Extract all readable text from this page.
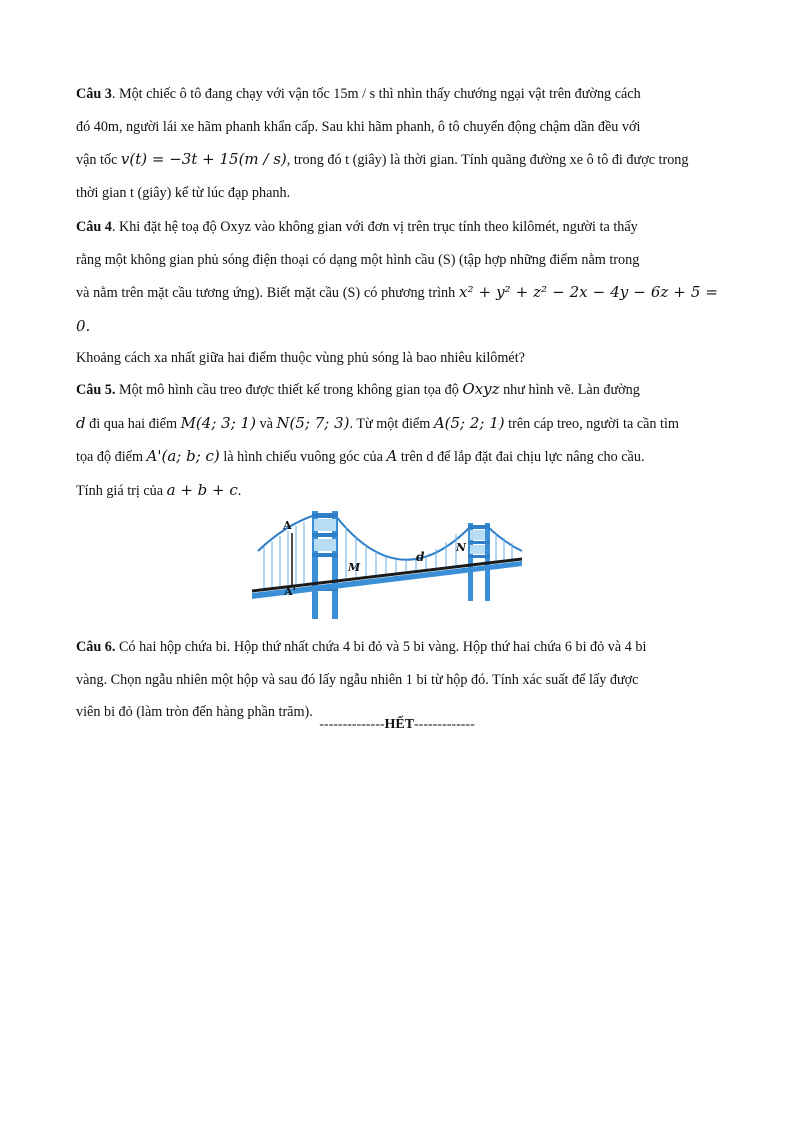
Câu 3. Một chiếc ô tô đang chạy với vận tốc 15m / s thì nhìn thấy chướng ngại vật trên đường cách

đó 40m, người lái xe hãm phanh khẩn cấp. Sau khi hãm phanh, ô tô chuyển động chậm dần đều với

vận tốc v(t) = −3t + 15(m / s), trong đó t (giây) là thời gian. Tính quãng đường xe ô tô đi được trong

thời gian t (giây) kể từ lúc đạp phanh.

Câu 4. Khi đặt hệ toạ độ Oxyz vào không gian với đơn vị trên trục tính theo kilômét, người ta thấy

rằng một không gian phủ sóng điện thoại có dạng một hình cầu (S) (tập hợp những điểm nằm trong

và nằm trên mặt cầu tương ứng). Biết mặt cầu (S) có phương trình x² + y² + z² − 2x − 4y − 6z + 5 = 0.

Khoảng cách xa nhất giữa hai điểm thuộc vùng phủ sóng là bao nhiêu kilômét?

Câu 5. Một mô hình cầu treo được thiết kế trong không gian tọa độ Oxyz như hình vẽ. Làn đường

d đi qua hai điểm M(4; 3; 1) và N(5; 7; 3). Từ một điểm A(5; 2; 1) trên cáp treo, người ta cần tìm

tọa độ điểm A'(a; b; c) là hình chiếu vuông góc của A trên d để lắp đặt đai chịu lực nâng cho cầu.

Tính giá trị của a + b + c.

A
A'
M
d
N

Câu 6. Có hai hộp chứa bi. Hộp thứ nhất chứa 4 bi đỏ và 5 bi vàng. Hộp thứ hai chứa 6 bi đỏ và 4 bi

vàng. Chọn ngẫu nhiên một hộp và sau đó lấy ngẫu nhiên 1 bi từ hộp đó. Tính xác suất để lấy được

viên bi đỏ (làm tròn đến hàng phần trăm).

--------------HẾT-------------
